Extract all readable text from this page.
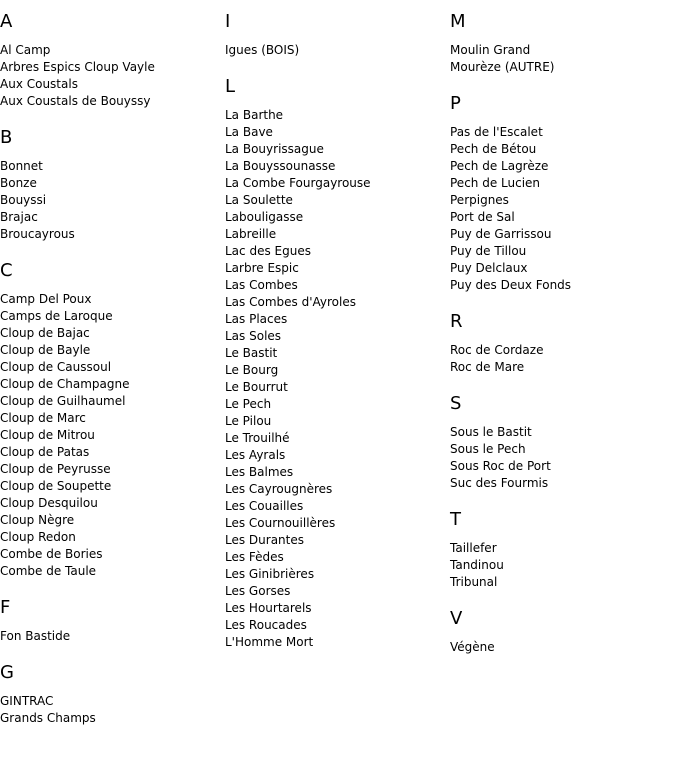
A
Al Camp
Arbres Espics Cloup Vayle
Aux Coustals
Aux Coustals de Bouyssy
B
Bonnet
Bonze
Bouyssi
Brajac
Broucayrous
C
Camp Del Poux
Camps de Laroque
Cloup de Bajac
Cloup de Bayle
Cloup de Caussoul
Cloup de Champagne
Cloup de Guilhaumel
Cloup de Marc
Cloup de Mitrou
Cloup de Patas
Cloup de Peyrusse
Cloup de Soupette
Cloup Desquilou
Cloup Nègre
Cloup Redon
Combe de Bories
Combe de Taule
F
Fon Bastide
G
GINTRAC
Grands Champs
I
Igues (BOIS)
L
La Barthe
La Bave
La Bouyrissague
La Bouyssounasse
La Combe Fourgayrouse
La Soulette
Labouligasse
Labreille
Lac des Egues
Larbre Espic
Las Combes
Las Combes d'Ayroles
Las Places
Las Soles
Le Bastit
Le Bourg
Le Bourrut
Le Pech
Le Pilou
Le Trouilhé
Les Ayrals
Les Balmes
Les Cayrougnères
Les Couailles
Les Cournouillères
Les Durantes
Les Fèdes
Les Ginibrières
Les Gorses
Les Hourtarels
Les Roucades
L'Homme Mort
M
Moulin Grand
Mourèze (AUTRE)
P
Pas de l'Escalet
Pech de Bétou
Pech de Lagrèze
Pech de Lucien
Perpignes
Port de Sal
Puy de Garrissou
Puy de Tillou
Puy Delclaux
Puy des Deux Fonds
R
Roc de Cordaze
Roc de Mare
S
Sous le Bastit
Sous le Pech
Sous Roc de Port
Suc des Fourmis
T
Taillefer
Tandinou
Tribunal
V
Végène
